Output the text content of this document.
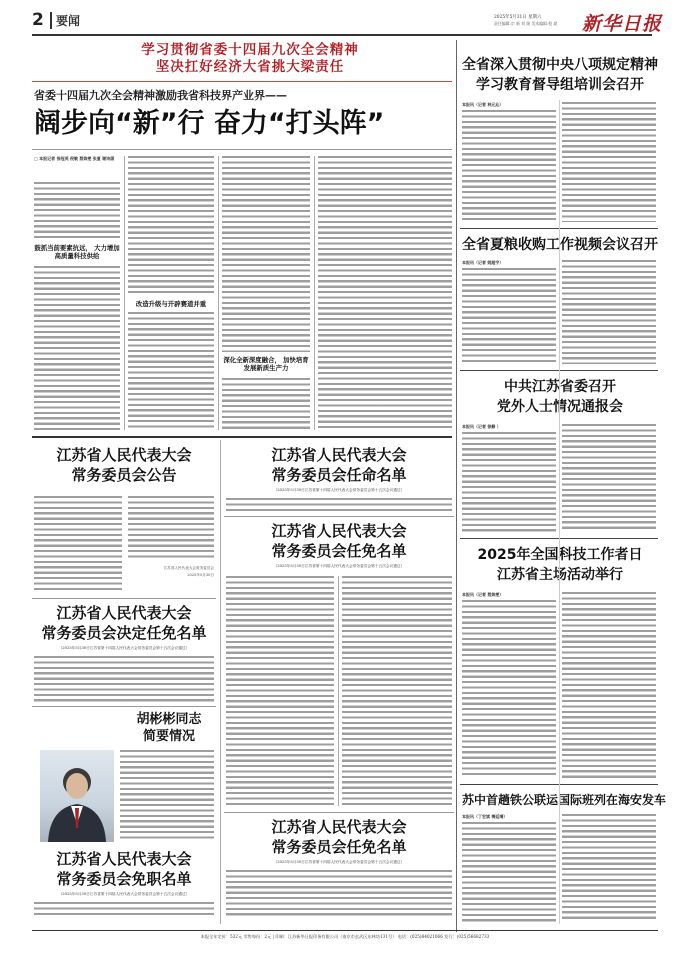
2 要闻	2025年5月31日 星期六
责任编辑:宗 新 刘 娟 美术编辑:倪 斌 新华日报
学习贯彻省委十四届九次全会精神
坚决扛好经济大省挑大梁责任
省委十四届九次全会精神激励我省科技界产业界——
阔步向“新”行 奋力“打头阵”
□ 本报记者 徐冠英 倪敏 蔡姝雯 张夏 谢诗涵
鼓抓当前要素抗远， 大力增加高质量科技供给
改造升级与开辟赛道并重
深化全新深度融合， 加快培育发展新质生产力
江苏省人民代表大会
常务委员会公告
江苏省人民代表大会常务委员会
2025年5月30日
江苏省人民代表大会
常务委员会决定任免名单
（2025年5月30日江苏省第十四届人民代表大会常务委员会第十五次会议通过）
胡彬彬同志
简要情况
江苏省人民代表大会
常务委员会免职名单
（2025年5月30日江苏省第十四届人民代表大会常务委员会第十五次会议通过）
江苏省人民代表大会
常务委员会任命名单
（2025年5月30日江苏省第十四届人民代表大会常务委员会第十五次会议通过）
江苏省人民代表大会
常务委员会任免名单
（2025年5月30日江苏省第十四届人民代表大会常务委员会第十五次会议通过）
江苏省人民代表大会
常务委员会任免名单
（2025年5月30日江苏省第十四届人民代表大会常务委员会第十五次会议通过）
全省深入贯彻中央八项规定精神
学习教育督导组培训会召开
本报讯（记者 林元沁）
全省夏粮收购工作视频会议召开
本报讯（记者 姚超宇）
中共江苏省委召开
党外人士情况通报会
本报讯（记者 徐静 ）
2025年全国科技工作者日
江苏省主场活动举行
本报讯（记者 蔡姝雯）
苏中首趟铁公联运国际班列在海安发车
本报讯（丁宏斌 梅廷靖）
本报全年定价：532元 零售每份：2元 | 印刷：江苏新华日报印务有限公司（南京市玄武区东林坊131号） 电话：(025)84021066 发行：(025)56682733
